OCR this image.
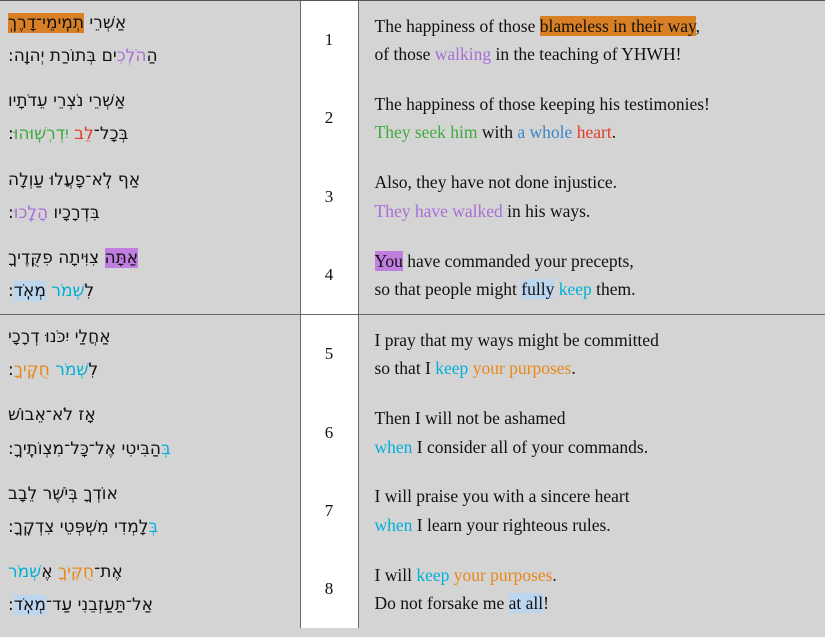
אַשְׁרֵי תְמִֽימֵי־דָרֶךְ
הַהֹלְכִים בְּתוֹרַת יְהוָֽה:	1	The happiness of those blameless in their way,
of those walking in the teaching of YHWH!

אַשְׁרֵי נֹצְרֵי עֵדֹתָיו
בְּכָל־לֵב יִדְרְשֽׁוּהוּ:	2	The happiness of those keeping his testimonies!
They seek him with a whole heart.

אַף לֹֽא־פָעֲלוּ עַוְלָה
בִּדְרָכָיו הָלָֽכוּ:	3	Also, they have not done injustice.
They have walked in his ways.

אַתָּה צִוִּיתָה פִקֻּדֶיךָ
לִשְׁמֹר מְאֹֽד:	4	You have commanded your precepts,
so that people might fully keep them.

אַחֲלַי יִכֹּנוּ דְרָכָי
לִשְׁמֹר חֻקֶּֽיךָ:	5	I pray that my ways might be committed
so that I keep your purposes.

אָז לֹא־אֵבוֹשׁ
בְּהַבִּיטִי אֶל־כָּל־מִצְוֹתֶֽיךָ:	6	Then I will not be ashamed
when I consider all of your commands.

אוֹדְךָ בְּיֹשֶׁר לֵבָב
בְּלָמְדִי מִשְׁפְּטֵי צִדְקֶֽךָ:	7	I will praise you with a sincere heart
when I learn your righteous rules.

אֶת־חֻקֶּיךָ אֶשְׁמֹר
אַל־תַּעַזְבֵנִי עַד־מְאֹֽד:	8	I will keep your purposes.
Do not forsake me at all!
